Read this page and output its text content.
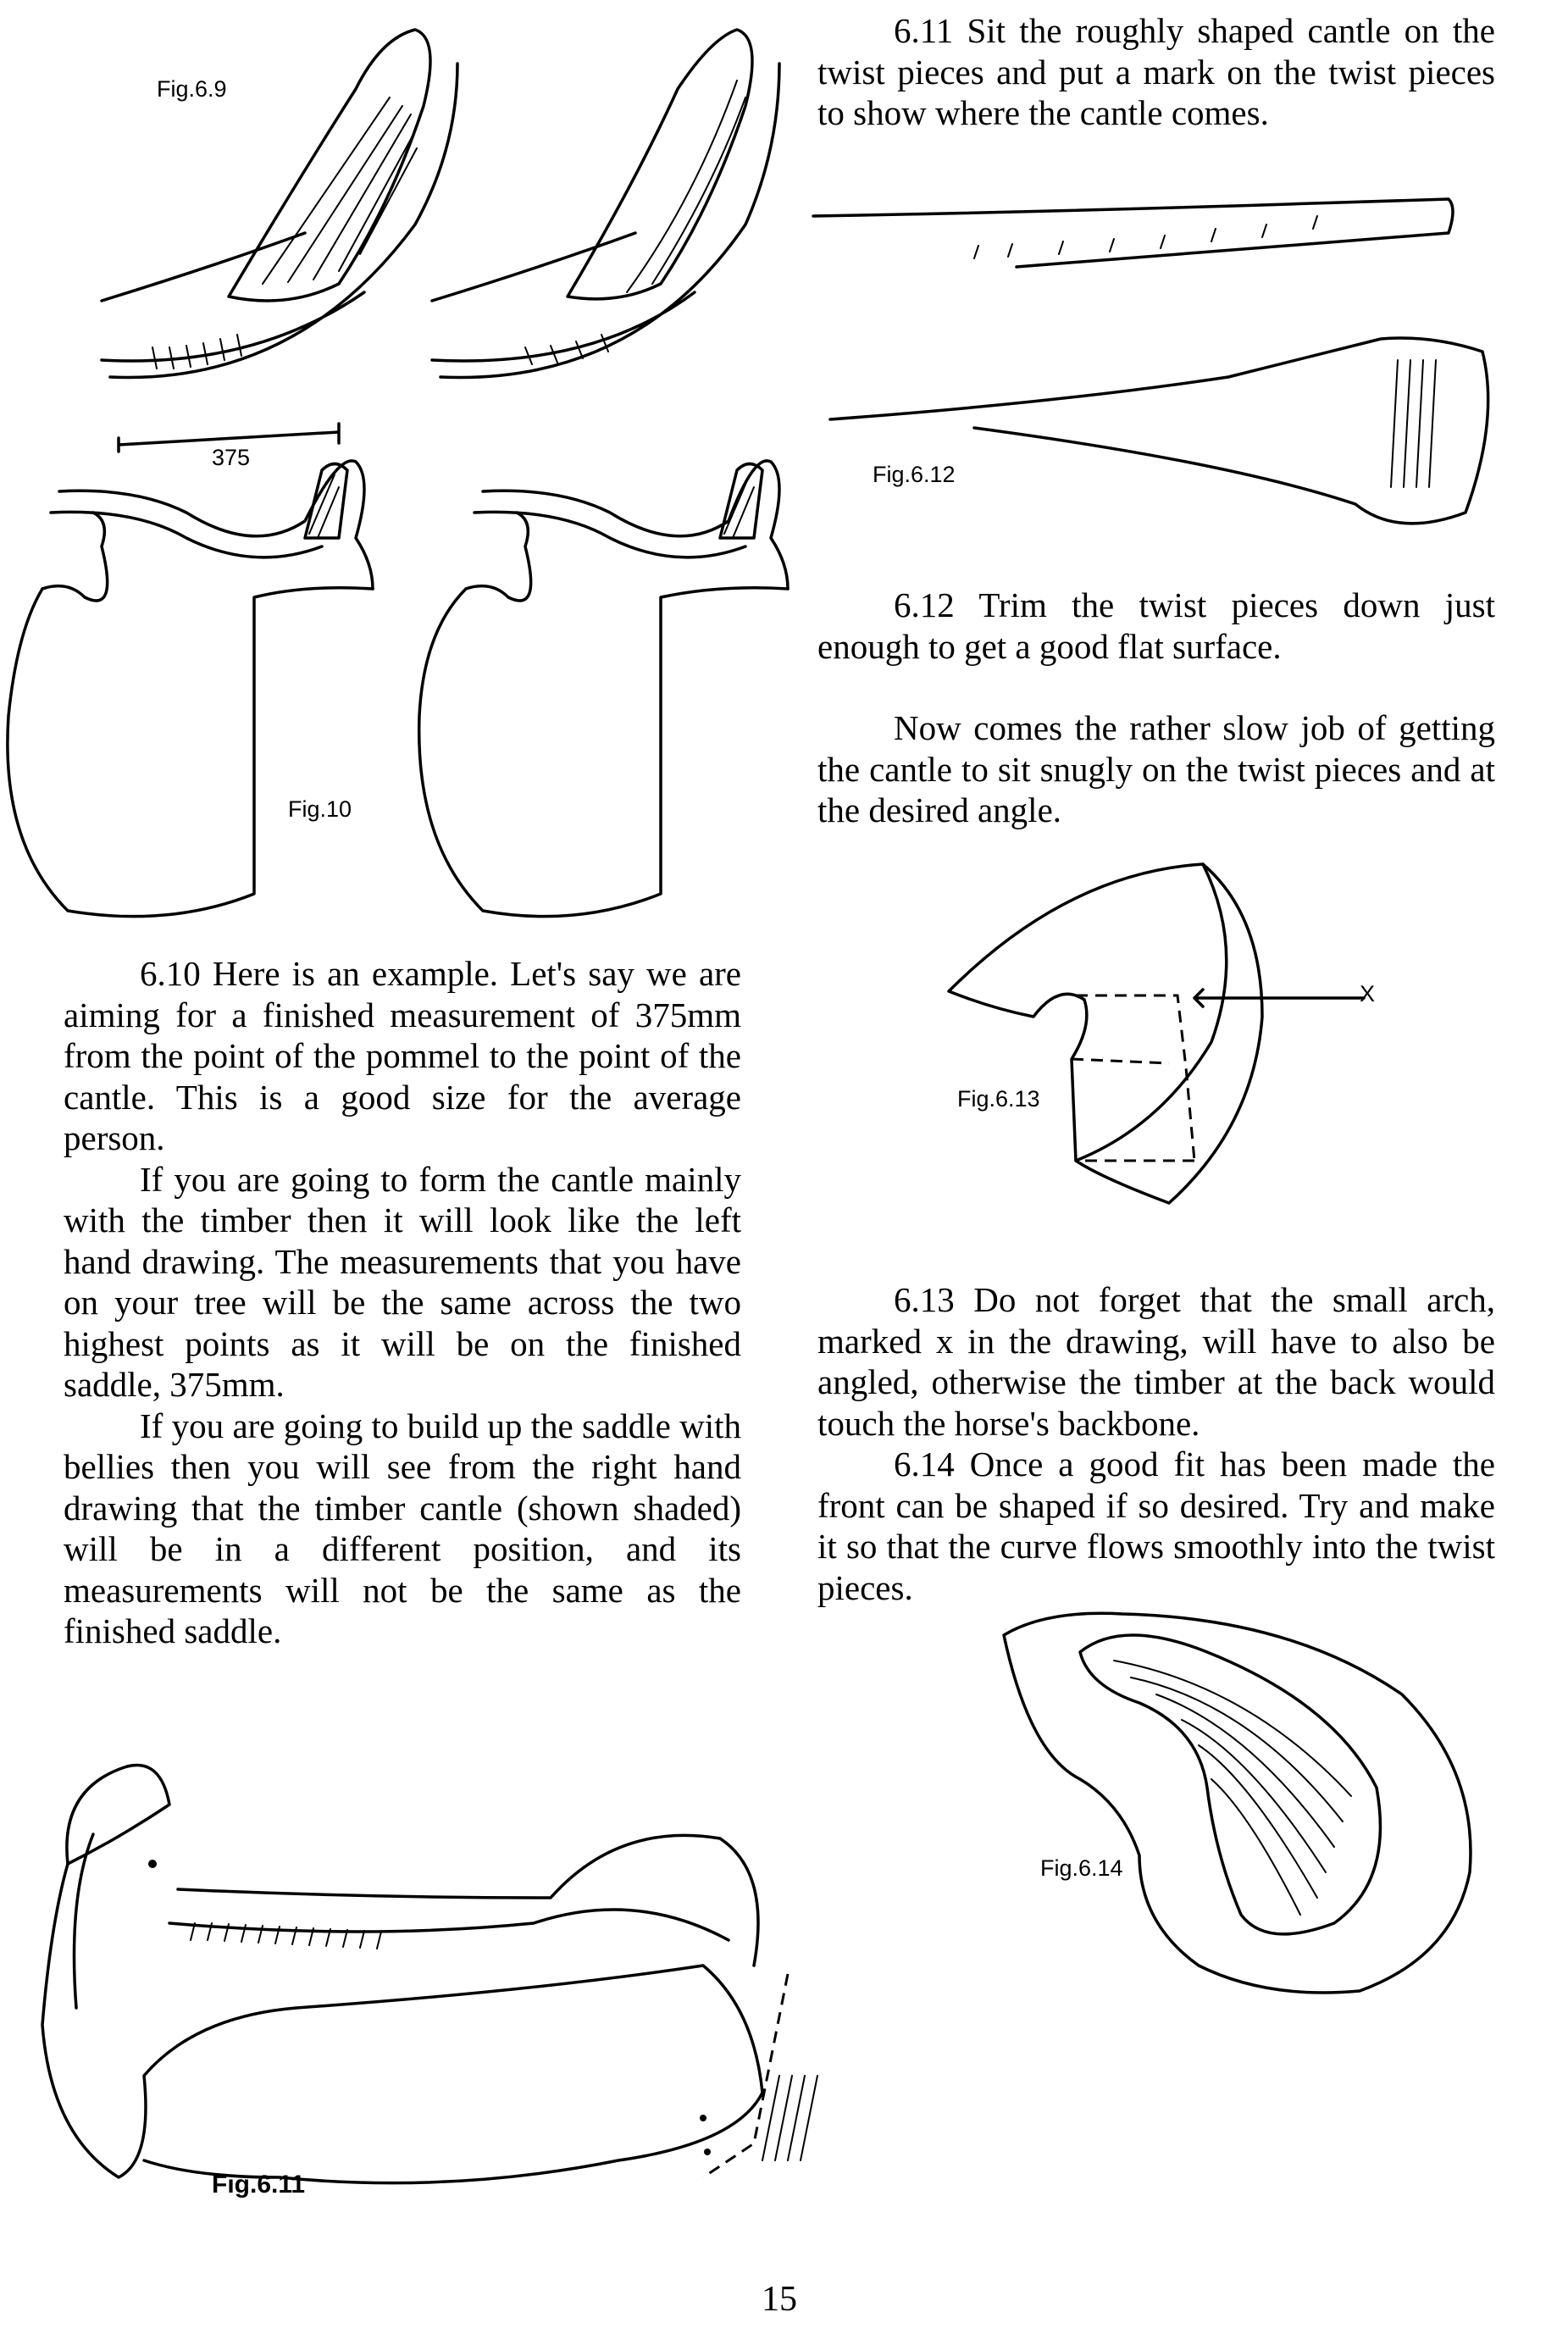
Fig.6.9
375
Fig.10
Fig.6.12
X
Fig.6.13
Fig.6.11
Fig.6.14

6.11 Sit the roughly shaped cantle on the twist pieces and put a mark on the twist pieces to show where the cantle comes.

6.12 Trim the twist pieces down just enough to get a good flat surface.

Now comes the rather slow job of getting the cantle to sit snugly on the twist pieces and at the desired angle.

6.10 Here is an example. Let's say we are aiming for a finished measurement of 375mm from the point of the pommel to the point of the cantle. This is a good size for the average person.

If you are going to form the cantle mainly with the timber then it will look like the left hand drawing. The measurements that you have on your tree will be the same across the two highest points as it will be on the finished saddle, 375mm.

If you are going to build up the saddle with bellies then you will see from the right hand drawing that the timber cantle (shown shaded) will be in a different position, and its measurements will not be the same as the finished saddle.

6.13 Do not forget that the small arch, marked x in the drawing, will have to also be angled, otherwise the timber at the back would touch the horse's backbone.

6.14 Once a good fit has been made the front can be shaped if so desired. Try and make it so that the curve flows smoothly into the twist pieces.

15
